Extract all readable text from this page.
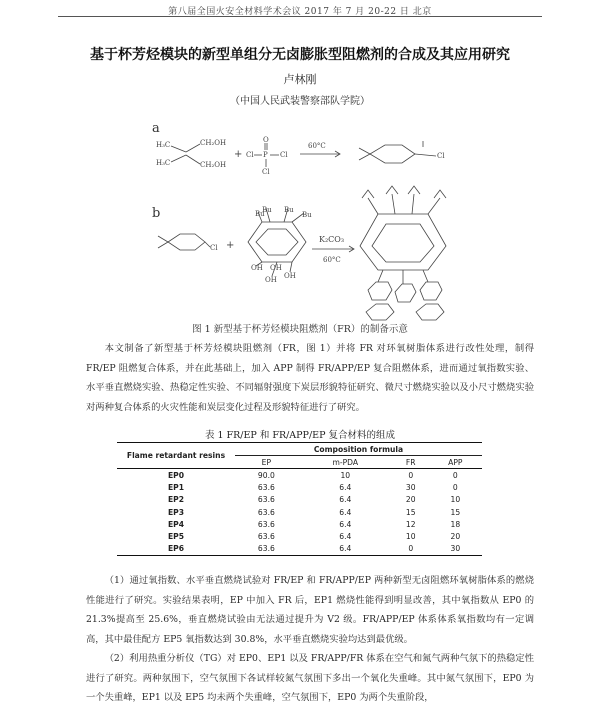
第八届全国火安全材料学术会议 2017 年 7 月 20-22 日 北京
基于杯芳烃模块的新型单组分无卤膨胀型阻燃剂的合成及其应用研究
卢林刚
（中国人民武装警察部队学院）
a
b
H₃C
H₃C
CH₂OH
CH₂OH
+ Cl P
O
Cl
Cl
60°C
Cl
Cl +
Bu
Bu Bu
Bu
OH OH
OH
OH
K₂CO₃
60°C
图 1 新型基于杯芳烃模块阻燃剂（FR）的制备示意

本文制备了新型基于杯芳烃模块阻燃剂（FR，图 1）并将 FR 对环氧树脂体系进行改性处理，制得 FR/EP 阻燃复合体系，并在此基础上，加入 APP 制得 FR/APP/EP 复合阻燃体系，进而通过氧指数实验、水平垂直燃烧实验、热稳定性实验、不同辐射强度下炭层形貌特征研究、微尺寸燃烧实验以及小尺寸燃烧实验对两种复合体系的火灾性能和炭层变化过程及形貌特征进行了研究。

表 1 FR/EP 和 FR/APP/EP 复合材料的组成
Flame retardant resins	Composition formula			
	EP	m-PDA	FR	APP
EP0	90.0	10	0	0
EP1	63.6	6.4	30	0
EP2	63.6	6.4	20	10
EP3	63.6	6.4	15	15
EP4	63.6	6.4	12	18
EP5	63.6	6.4	10	20
EP6	63.6	6.4	0	30

（1）通过氧指数、水平垂直燃烧试验对 FR/EP 和 FR/APP/EP 两种新型无卤阻燃环氧树脂体系的燃烧性能进行了研究。实验结果表明，EP 中加入 FR 后，EP1 燃烧性能得到明显改善，其中氧指数从 EP0 的 21.3%提高至 25.6%，垂直燃烧试验由无法通过提升为 V2 级。FR/APP/EP 体系体系氧指数均有一定调高，其中最佳配方 EP5 氧指数达到 30.8%，水平垂直燃烧实验均达到最优级。

（2）利用热重分析仪（TG）对 EP0、EP1 以及 FR/APP/FR 体系在空气和氮气两种气氛下的热稳定性进行了研究。两种氛围下，空气氛围下各试样较氮气氛围下多出一个氧化失重峰。其中氮气氛围下，EP0 为一个失重峰，EP1 以及 EP5 均未两个失重峰，空气氛围下，EP0 为两个失重阶段，
